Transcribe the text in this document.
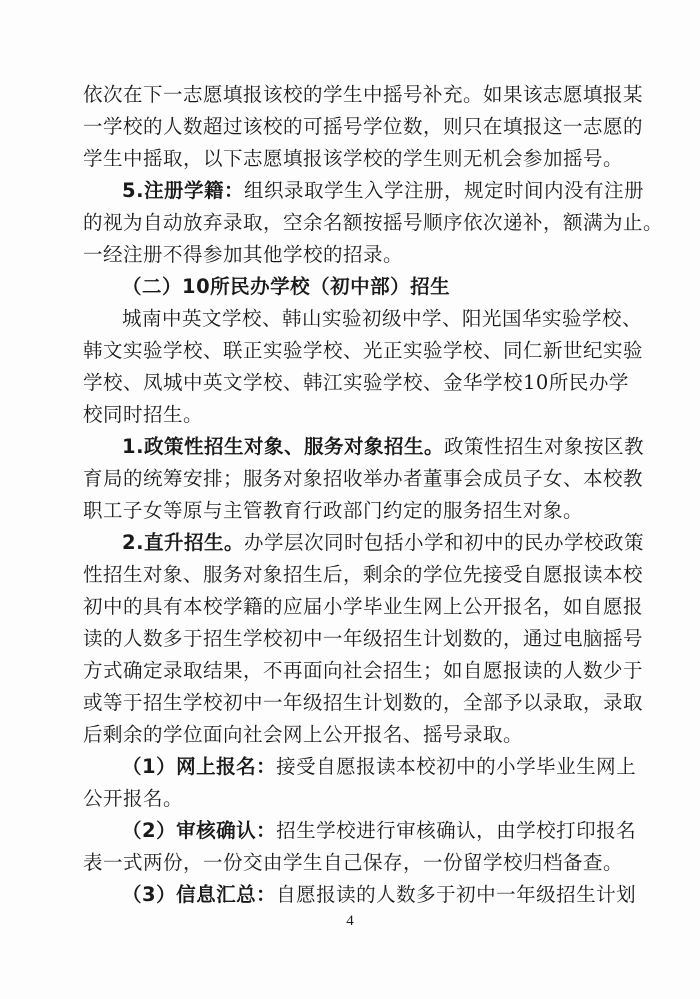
依次在下一志愿填报该校的学生中摇号补充。如果该志愿填报某
一学校的人数超过该校的可摇号学位数，则只在填报这一志愿的
学生中摇取，以下志愿填报该学校的学生则无机会参加摇号。
5.注册学籍：组织录取学生入学注册，规定时间内没有注册
的视为自动放弃录取，空余名额按摇号顺序依次递补，额满为止。
一经注册不得参加其他学校的招录。
（二）10所民办学校（初中部）招生
城南中英文学校、韩山实验初级中学、阳光国华实验学校、
韩文实验学校、联正实验学校、光正实验学校、同仁新世纪实验
学校、凤城中英文学校、韩江实验学校、金华学校10所民办学
校同时招生。
1.政策性招生对象、服务对象招生。政策性招生对象按区教
育局的统筹安排；服务对象招收举办者董事会成员子女、本校教
职工子女等原与主管教育行政部门约定的服务招生对象。
2.直升招生。办学层次同时包括小学和初中的民办学校政策
性招生对象、服务对象招生后，剩余的学位先接受自愿报读本校
初中的具有本校学籍的应届小学毕业生网上公开报名，如自愿报
读的人数多于招生学校初中一年级招生计划数的，通过电脑摇号
方式确定录取结果，不再面向社会招生；如自愿报读的人数少于
或等于招生学校初中一年级招生计划数的，全部予以录取，录取
后剩余的学位面向社会网上公开报名、摇号录取。
（1）网上报名：接受自愿报读本校初中的小学毕业生网上
公开报名。
（2）审核确认：招生学校进行审核确认，由学校打印报名
表一式两份，一份交由学生自己保存，一份留学校归档备查。
（3）信息汇总：自愿报读的人数多于初中一年级招生计划
4
